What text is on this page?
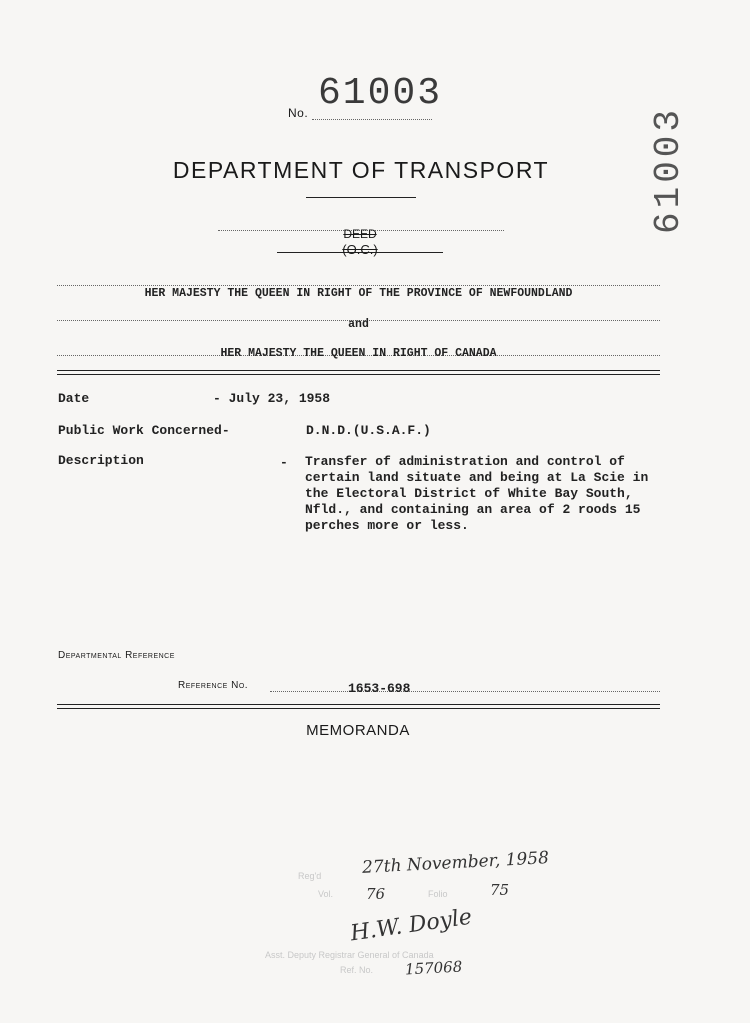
No. 61003
61003
DEPARTMENT OF TRANSPORT
DEED
(O.C.)
HER MAJESTY THE QUEEN IN RIGHT OF THE PROVINCE OF NEWFOUNDLAND
and
HER MAJESTY THE QUEEN IN RIGHT OF CANADA
Date	- July 23, 1958
Public Work Concerned-	D.N.D.(U.S.A.F.)
Description	- Transfer of administration and control of certain land situate and being at La Scie in the Electoral District of White Bay South, Nfld., and containing an area of 2 roods 15 perches more or less.
Departmental Reference
Reference No.	1653-698
MEMORANDA
Reg'd 27th November, 1958
Vol. 76	Folio	75
H.W. Doyle
Asst. Deputy Registrar General of Canada
Ref. No. 157068
